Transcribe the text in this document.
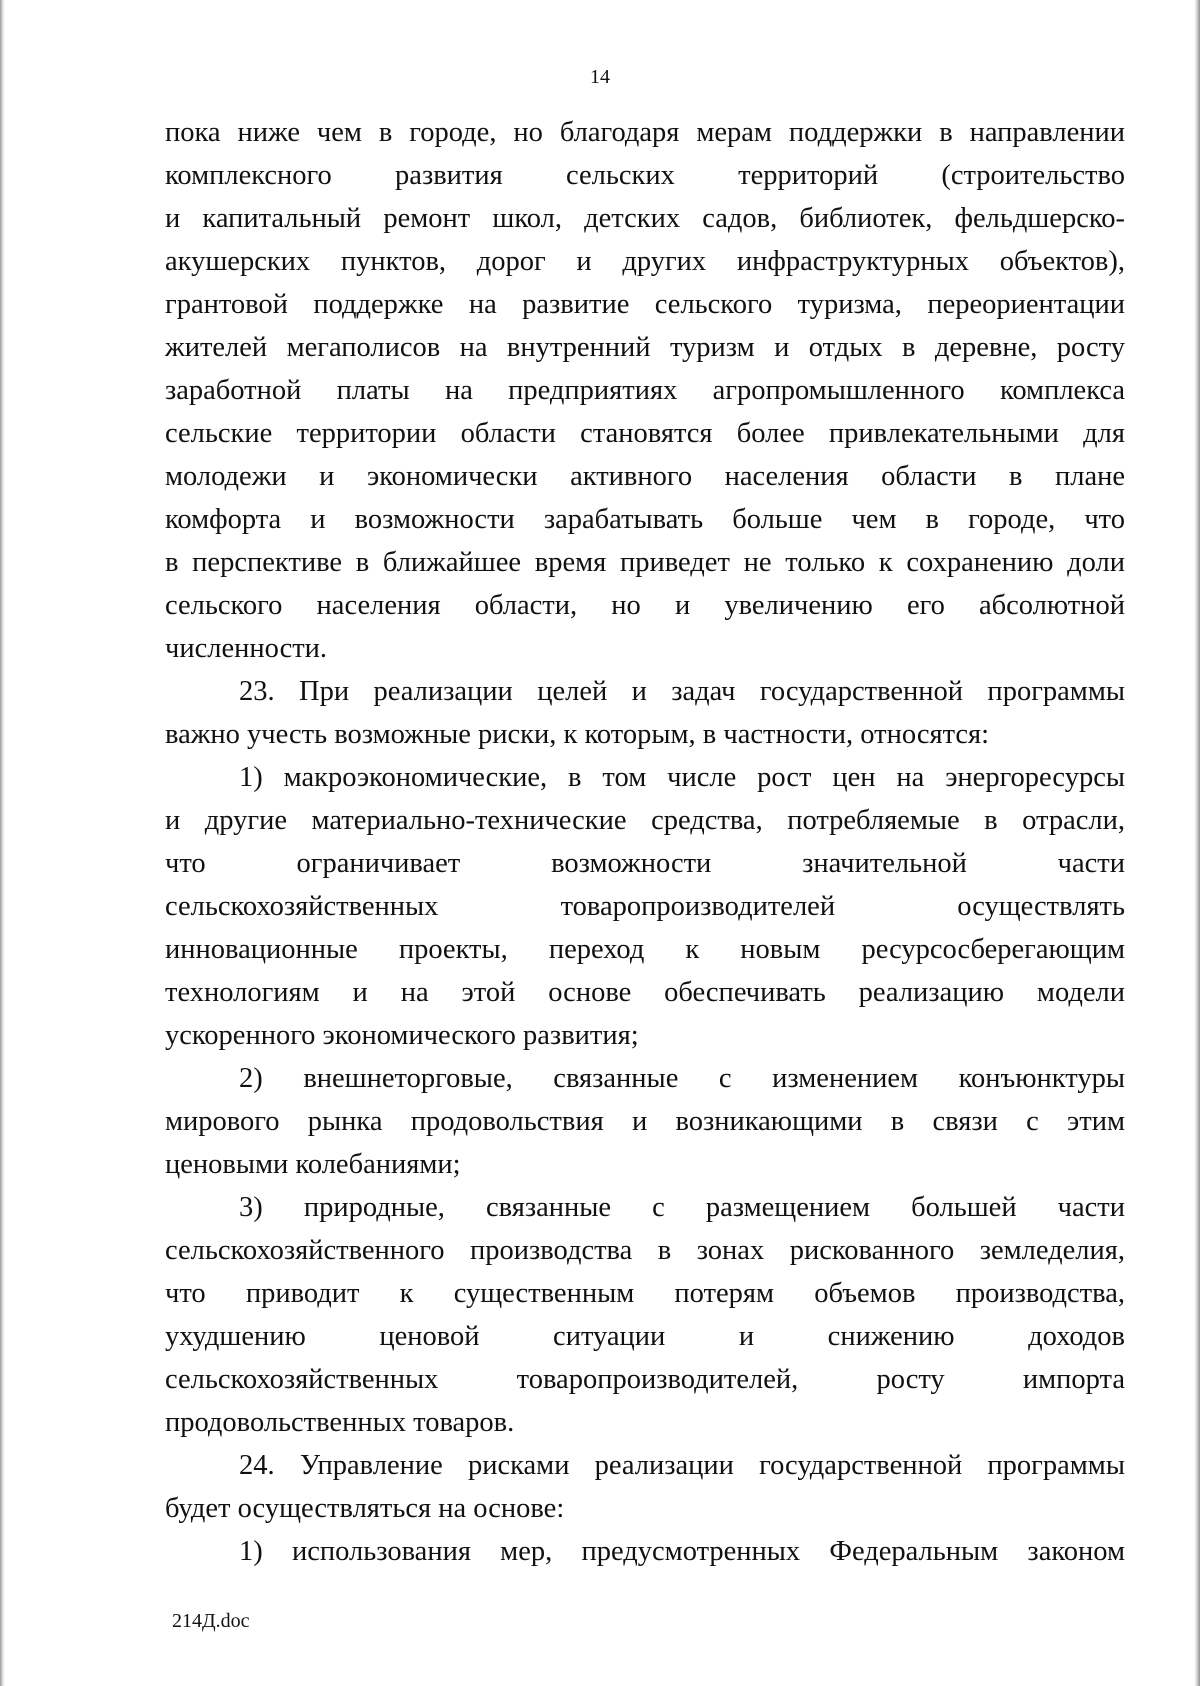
14
пока ниже чем в городе, но благодаря мерам поддержки в направлении
комплексного развития сельских территорий (строительство
и капитальный ремонт школ, детских садов, библиотек, фельдшерско-
акушерских пунктов, дорог и других инфраструктурных объектов),
грантовой поддержке на развитие сельского туризма, переориентации
жителей мегаполисов на внутренний туризм и отдых в деревне, росту
заработной платы на предприятиях агропромышленного комплекса
сельские территории области становятся более привлекательными для
молодежи и экономически активного населения области в плане
комфорта и возможности зарабатывать больше чем в городе, что
в перспективе в ближайшее время приведет не только к сохранению доли
сельского населения области, но и увеличению его абсолютной
численности.
23. При реализации целей и задач государственной программы
важно учесть возможные риски, к которым, в частности, относятся:
1) макроэкономические, в том числе рост цен на энергоресурсы
и другие материально-технические средства, потребляемые в отрасли,
что ограничивает возможности значительной части
сельскохозяйственных товаропроизводителей осуществлять
инновационные проекты, переход к новым ресурсосберегающим
технологиям и на этой основе обеспечивать реализацию модели
ускоренного экономического развития;
2) внешнеторговые, связанные с изменением конъюнктуры
мирового рынка продовольствия и возникающими в связи с этим
ценовыми колебаниями;
3) природные, связанные с размещением большей части
сельскохозяйственного производства в зонах рискованного земледелия,
что приводит к существенным потерям объемов производства,
ухудшению ценовой ситуации и снижению доходов
сельскохозяйственных товаропроизводителей, росту импорта
продовольственных товаров.
24. Управление рисками реализации государственной программы
будет осуществляться на основе:
1) использования мер, предусмотренных Федеральным законом
214Д.doc
